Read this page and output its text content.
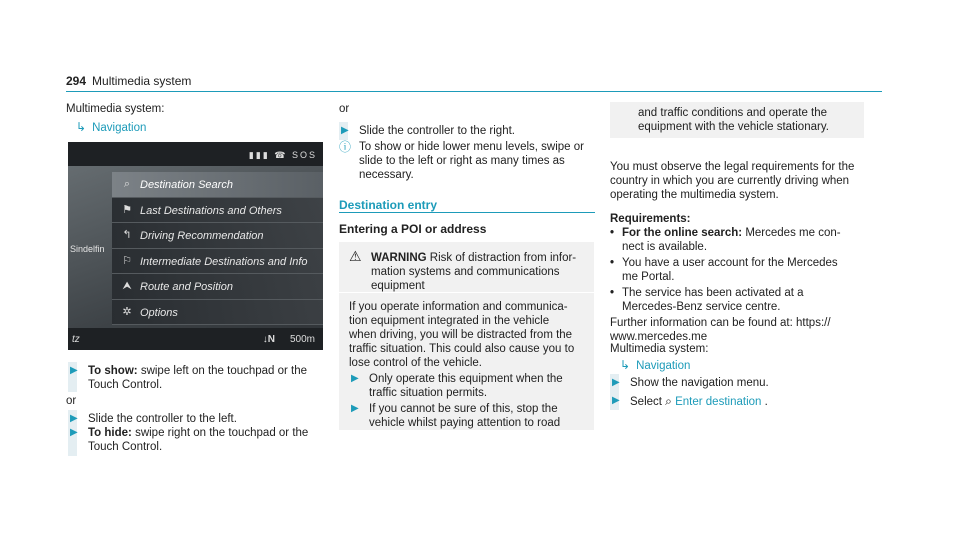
294 Multimedia system
Multimedia system:
↳ Navigation
▮▮▮ ☎ SOS
Sindelfin
⌕ Destination Search
⚑ Last Destinations and Others
↰ Driving Recommendation
⚐ Intermediate Destinations and Info
⮝ Route and Position
✲ Options
tz	↓N 500m
▶ To show: swipe left on the touchpad or the
Touch Control.
or
▶ Slide the controller to the left.
▶ To hide: swipe right on the touchpad or the
Touch Control.
or
▶ Slide the controller to the right.
ⓘ To show or hide lower menu levels, swipe or
slide to the left or right as many times as
necessary.
Destination entry
Entering a POI or address
⚠ WARNING Risk of distraction from infor-
mation systems and communications
equipment
If you operate information and communica-
tion equipment integrated in the vehicle
when driving, you will be distracted from the
traffic situation. This could also cause you to
lose control of the vehicle.
▶ Only operate this equipment when the
traffic situation permits.
▶ If you cannot be sure of this, stop the
vehicle whilst paying attention to road
and traffic conditions and operate the
equipment with the vehicle stationary.
You must observe the legal requirements for the
country in which you are currently driving when
operating the multimedia system.
Requirements:
• For the online search: Mercedes me con-
nect is available.
• You have a user account for the Mercedes
me Portal.
• The service has been activated at a
Mercedes-Benz service centre.
Further information can be found at: https://
www.mercedes.me
Multimedia system:
↳ Navigation
▶ Show the navigation menu.
▶ Select ⌕ Enter destination .
